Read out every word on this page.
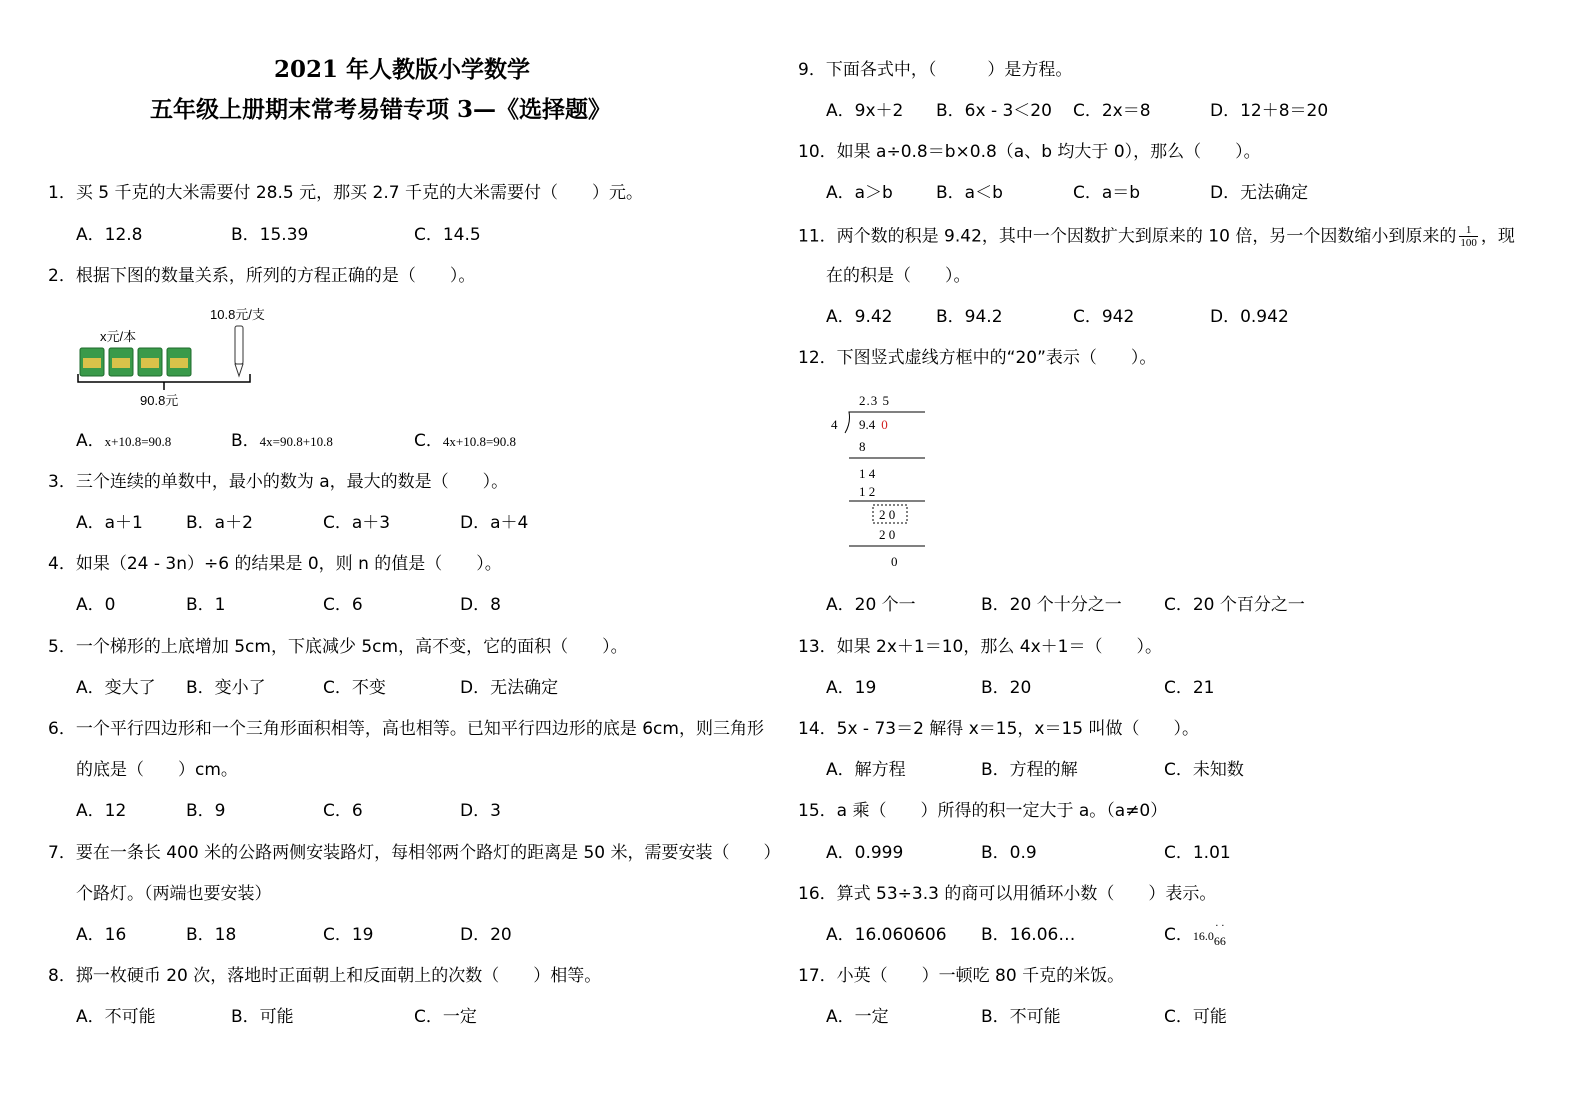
2021 年人教版小学数学
五年级上册期末常考易错专项 3—《选择题》
1．买 5 千克的大米需要付 28.5 元，那买 2.7 千克的大米需要付（　　）元。
A．12.8	B．15.39	C．14.5
2．根据下图的数量关系，所列的方程正确的是（　　）。
10.8元/支
x元/本
90.8元
A．x+10.8=90.8	B．4x=90.8+10.8	C．4x+10.8=90.8
3．三个连续的单数中，最小的数为 a，最大的数是（　　）。
A．a＋1	B．a＋2	C．a＋3	D．a＋4
4．如果（24 - 3n）÷6 的结果是 0，则 n 的值是（　　）。
A．0	B．1	C．6	D．8
5．一个梯形的上底增加 5cm，下底减少 5cm，高不变，它的面积（　　）。
A．变大了 B．变小了	C．不变	D．无法确定
6．一个平行四边形和一个三角形面积相等，高也相等。已知平行四边形的底是 6cm，则三角形
的底是（　　）cm。
A．12	B．9	C．6	D．3
7．要在一条长 400 米的公路两侧安装路灯，每相邻两个路灯的距离是 50 米，需要安装（　　）
个路灯。（两端也要安装）
A．16	B．18	C．19	D．20
8．掷一枚硬币 20 次，落地时正面朝上和反面朝上的次数（　　）相等。
A．不可能	B．可能	C．一定
9．下面各式中，（　　　）是方程。
A．9x＋2 B．6x - 3＜20 C．2x＝8	D．12＋8＝20
10．如果 a÷0.8＝b×0.8（a、b 均大于 0），那么（　　）。
A．a＞b	B．a＜b	C．a＝b	D．无法确定
11．两个数的积是 9.42，其中一个因数扩大到原来的 10 倍，另一个因数缩小到原来的 $\frac{1}{100}$ ，现
在的积是（　　）。
A．9.42	B．94.2	C．942	D．0.942
12．下图竖式虚线方框中的“20”表示（　　）。
2.3 5
4 9.4 0
8
1 4
1 2
2 0
2 0
0
A．20 个一	B．20 个十分之一 C．20 个百分之一
13．如果 2x＋1＝10，那么 4x＋1＝（　　）。
A．19	B．20	C．21
14．5x - 73＝2 解得 x＝15，x＝15 叫做（　　）。
A．解方程	B．方程的解	C．未知数
15．a 乘（　　）所得的积一定大于 a。（a≠0）
A．0.999	B．0.9	C．1.01
16．算式 53÷3.3 的商可以用循环小数（　　）表示。
A．16.060606 B．16.06…	C．16.0
·
6
·
6
17．小英（　　）一顿吃 80 千克的米饭。
A．一定	B．不可能	C．可能
